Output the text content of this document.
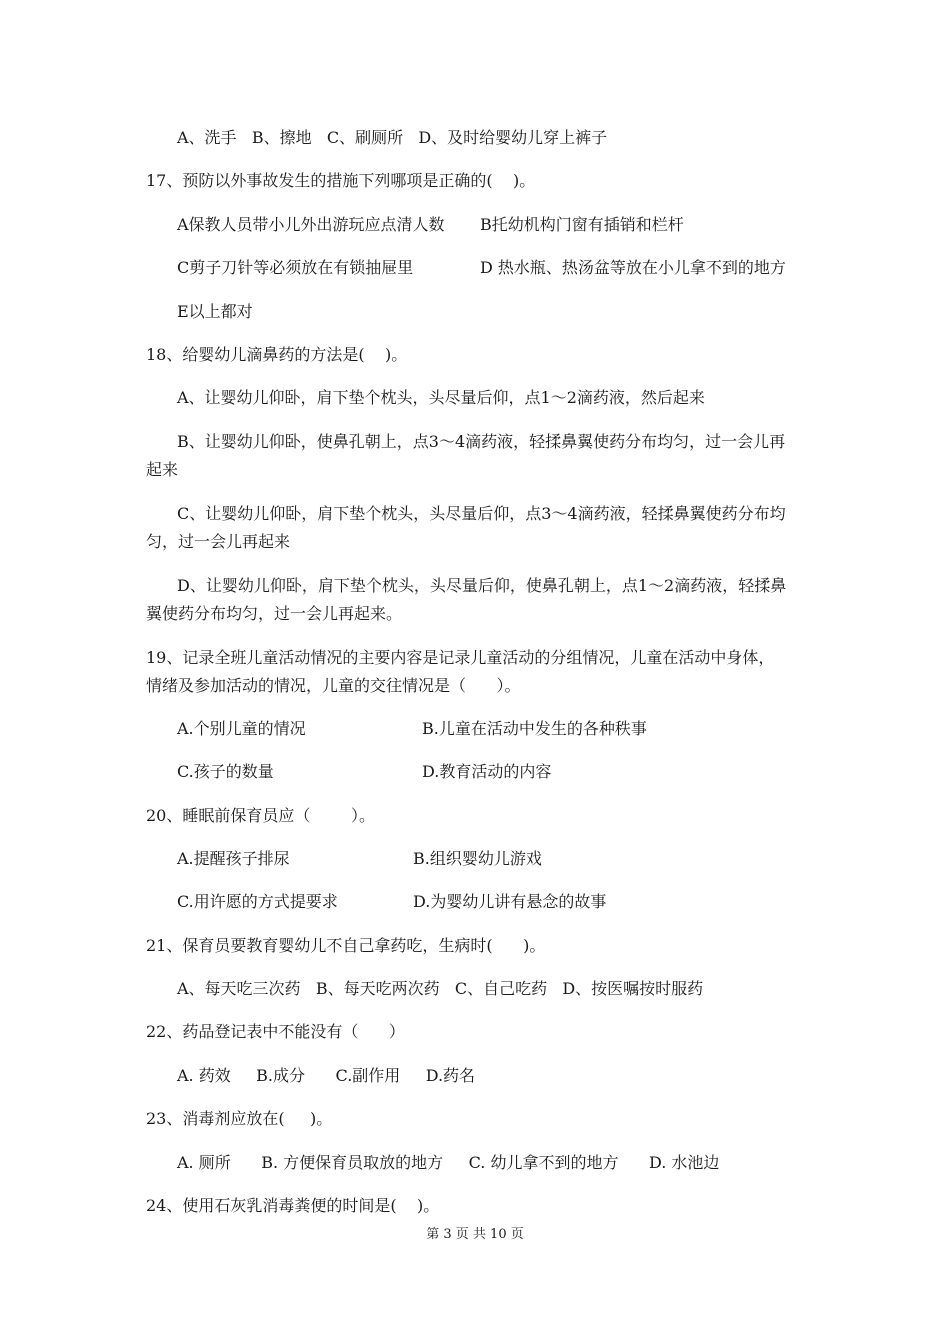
A、洗手   B、擦地   C、刷厕所   D、及时给婴幼儿穿上裤子
17、预防以外事故发生的措施下列哪项是正确的(    )。
A保教人员带小儿外出游玩应点清人数 B托幼机构门窗有插销和栏杆
C剪子刀针等必须放在有锁抽屉里	D 热水瓶、热汤盆等放在小儿拿不到的地方
E以上都对
18、给婴幼儿滴鼻药的方法是(    )。
A、让婴幼儿仰卧，肩下垫个枕头，头尽量后仰，点1～2滴药液，然后起来
B、让婴幼儿仰卧，使鼻孔朝上，点3～4滴药液，轻揉鼻翼使药分布均匀，过一会儿再
起来
C、让婴幼儿仰卧，肩下垫个枕头，头尽量后仰，点3～4滴药液，轻揉鼻翼使药分布均
匀，过一会儿再起来
D、让婴幼儿仰卧，肩下垫个枕头，头尽量后仰，使鼻孔朝上，点1～2滴药液，轻揉鼻
翼使药分布均匀，过一会儿再起来。
19、记录全班儿童活动情况的主要内容是记录儿童活动的分组情况，儿童在活动中身体，
情绪及参加活动的情况，儿童的交往情况是（      ）。
A.个别儿童的情况	B.儿童在活动中发生的各种秩事
C.孩子的数量	D.教育活动的内容
20、睡眠前保育员应（        ）。
A.提醒孩子排尿	B.组织婴幼儿游戏
C.用许愿的方式提要求	D.为婴幼儿讲有悬念的故事
21、保育员要教育婴幼儿不自己拿药吃，生病时(      )。
A、每天吃三次药   B、每天吃两次药   C、自己吃药   D、按医嘱按时服药
22、药品登记表中不能没有（      ）
A. 药效     B.成分      C.副作用     D.药名
23、消毒剂应放在(     )。
A. 厕所      B. 方便保育员取放的地方     C. 幼儿拿不到的地方      D. 水池边
24、使用石灰乳消毒粪便的时间是(    )。
第 3 页 共 10 页
